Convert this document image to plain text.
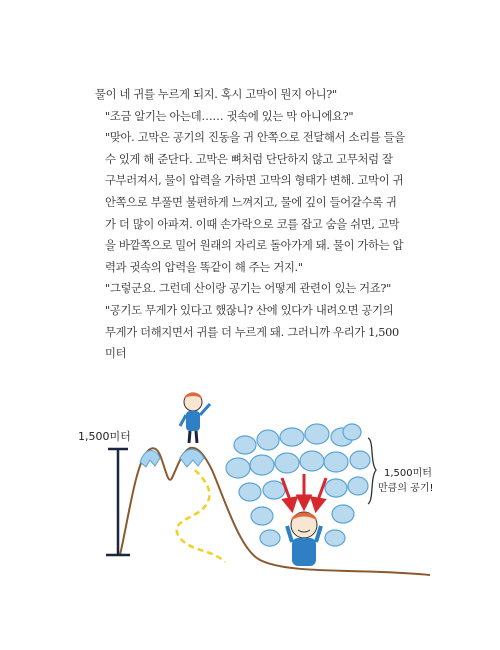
물이 네 귀를 누르게 되지. 혹시 고막이 뭔지 아니?"

"조금 알기는 아는데…… 귓속에 있는 막 아니에요?"

"맞아. 고막은 공기의 진동을 귀 안쪽으로 전달해서 소리를 들을 수 있게 해 준단다. 고막은 뼈처럼 단단하지 않고 고무처럼 잘 구부러져서, 물이 압력을 가하면 고막의 형태가 변해. 고막이 귀 안쪽으로 부풀면 불편하게 느껴지고, 물에 깊이 들어갈수록 귀가 더 많이 아파져. 이때 손가락으로 코를 잡고 숨을 쉬면, 고막을 바깥쪽으로 밀어 원래의 자리로 돌아가게 돼. 물이 가하는 압력과 귓속의 압력을 똑같이 해 주는 거지."

"그렇군요. 그런데 산이랑 공기는 어떻게 관련이 있는 거죠?"

"공기도 무게가 있다고 했잖니? 산에 있다가 내려오면 공기의 무게가 더해지면서 귀를 더 누르게 돼. 그러니까 우리가 1,500미터

1,500미터
1,500미터
만큼의 공기!
